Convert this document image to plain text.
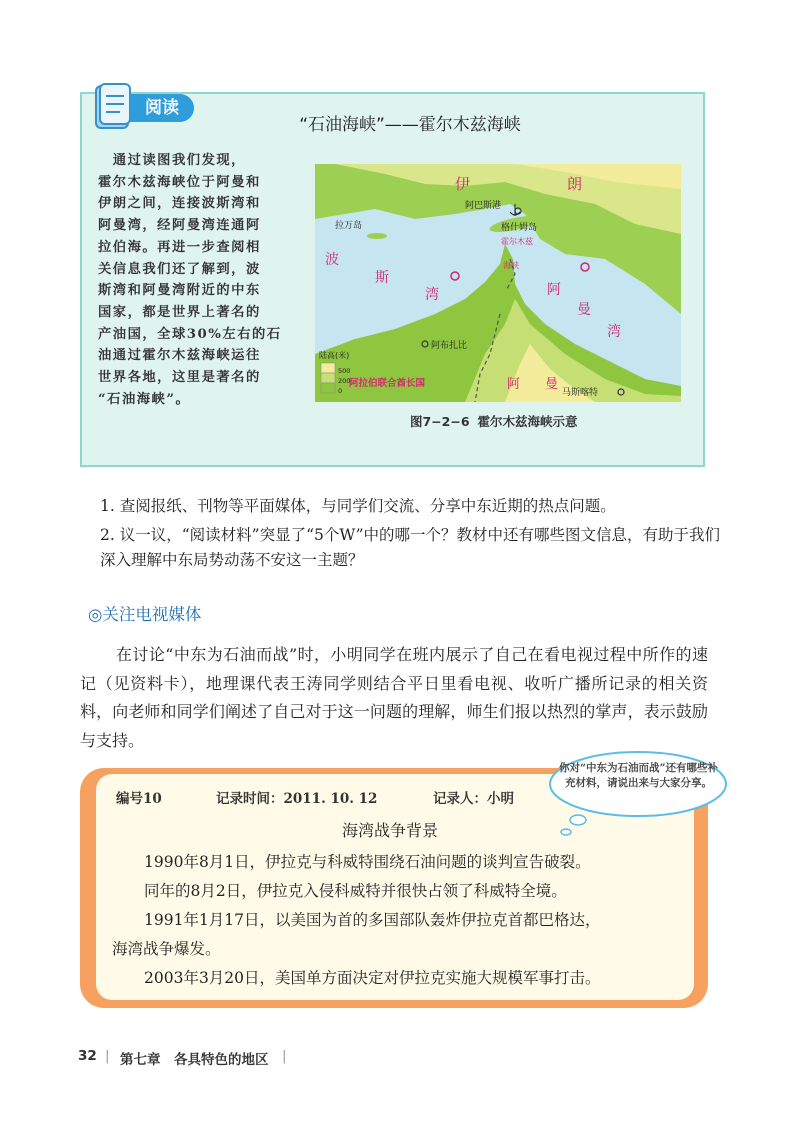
阅读
“石油海峡”——霍尔木兹海峡
　通过读图我们发现，
霍尔木兹海峡位于阿曼和
伊朗之间，连接波斯湾和
阿曼湾，经阿曼湾连通阿
拉伯海。再进一步查阅相
关信息我们还了解到，波
斯湾和阿曼湾附近的中东
国家，都是世界上著名的
产油国，全球30%左右的石
油通过霍尔木兹海峡运往
世界各地，这里是著名的
“石油海峡”。
伊	朗
波
斯
湾	阿
曼
湾
霍尔木兹
海峡
阿巴斯港
格什姆岛
拉万岛
阿布扎比
马斯喀特
阿拉伯联合酋长国	阿 曼
陆高(米)
500
200
0
图7−2−6 霍尔木兹海峡示意
1. 查阅报纸、刊物等平面媒体，与同学们交流、分享中东近期的热点问题。
2. 议一议，“阅读材料”突显了“5个W”中的哪一个？教材中还有哪些图文信息，有助于我们深入理解中东局势动荡不安这一主题？
◎关注电视媒体
在讨论“中东为石油而战”时，小明同学在班内展示了自己在看电视过程中所作的速记（见资料卡），地理课代表王涛同学则结合平日里看电视、收听广播所记录的相关资料，向老师和同学们阐述了自己对于这一问题的理解，师生们报以热烈的掌声，表示鼓励与支持。
编号10	记录时间：2011. 10. 12	记录人：小明
海湾战争背景
1990年8月1日，伊拉克与科威特围绕石油问题的谈判宣告破裂。
同年的8月2日，伊拉克入侵科威特并很快占领了科威特全境。
1991年1月17日，以美国为首的多国部队轰炸伊拉克首都巴格达，
海湾战争爆发。
2003年3月20日，美国单方面决定对伊拉克实施大规模军事打击。
你对“中东为石油而战”还有哪些补充材料，请说出来与大家分享。
32 | 第七章　各具特色的地区 |
